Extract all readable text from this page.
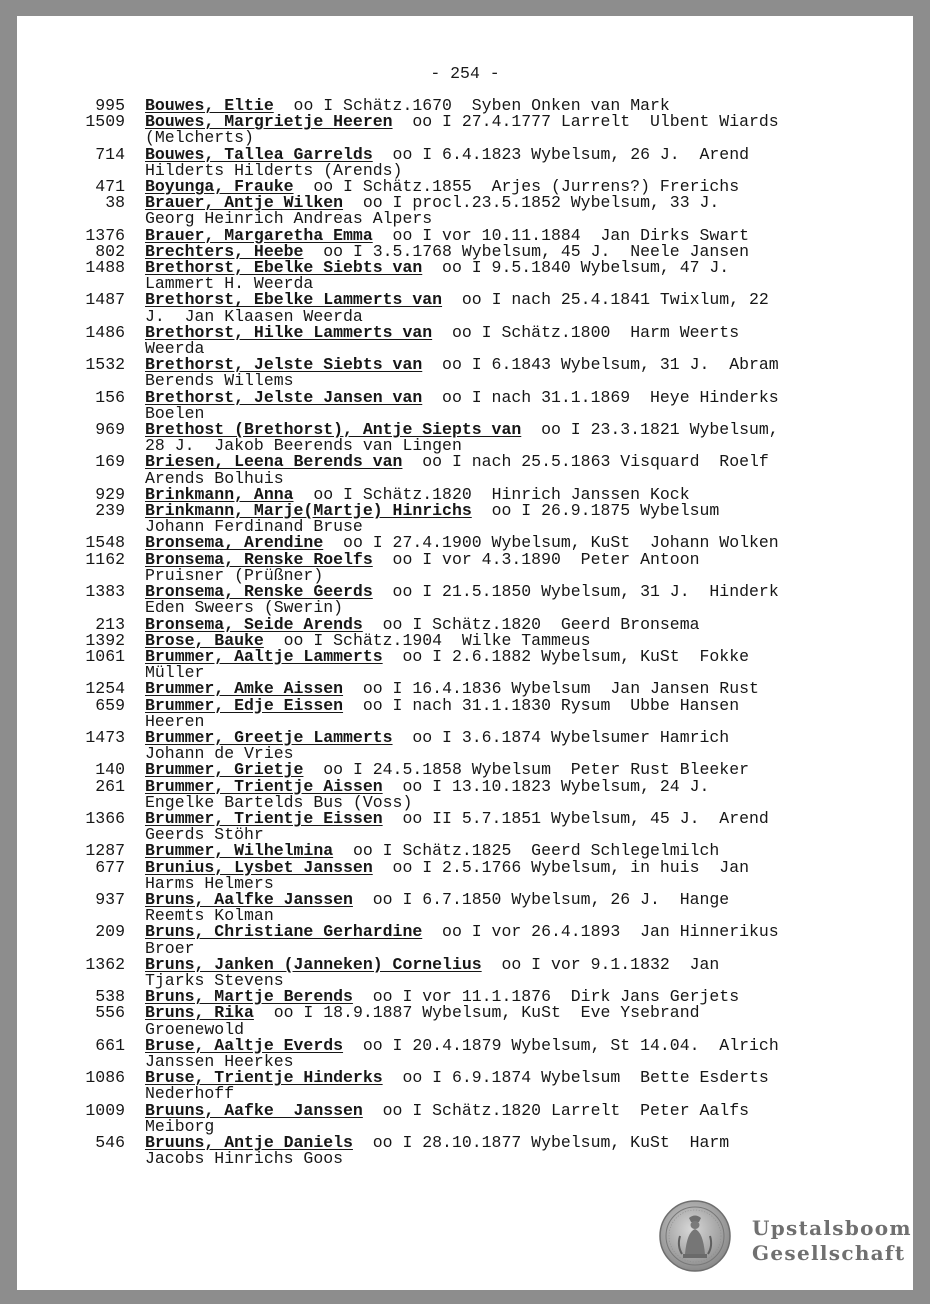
- 254 -
995 Bouwes, Eltie  oo I Schätz.1670  Syben Onken van Mark
1509 Bouwes, Margrietje Heeren  oo I 27.4.1777 Larrelt  Ulbent Wiards
(Melcherts)
714 Bouwes, Tallea Garrelds  oo I 6.4.1823 Wybelsum, 26 J.  Arend
Hilderts Hilderts (Arends)
471 Boyunga, Frauke  oo I Schätz.1855  Arjes (Jurrens?) Frerichs
38 Brauer, Antje Wilken  oo I procl.23.5.1852 Wybelsum, 33 J.
Georg Heinrich Andreas Alpers
1376 Brauer, Margaretha Emma  oo I vor 10.11.1884  Jan Dirks Swart
802 Brechters, Heebe  oo I 3.5.1768 Wybelsum, 45 J.  Neele Jansen
1488 Brethorst, Ebelke Siebts van  oo I 9.5.1840 Wybelsum, 47 J.
Lammert H. Weerda
1487 Brethorst, Ebelke Lammerts van  oo I nach 25.4.1841 Twixlum, 22
J.  Jan Klaasen Weerda
1486 Brethorst, Hilke Lammerts van  oo I Schätz.1800  Harm Weerts
Weerda
1532 Brethorst, Jelste Siebts van  oo I 6.1843 Wybelsum, 31 J.  Abram
Berends Willems
156 Brethorst, Jelste Jansen van  oo I nach 31.1.1869  Heye Hinderks
Boelen
969 Brethost (Brethorst), Antje Siepts van  oo I 23.3.1821 Wybelsum,
28 J.  Jakob Beerends van Lingen
169 Briesen, Leena Berends van  oo I nach 25.5.1863 Visquard  Roelf
Arends Bolhuis
929 Brinkmann, Anna  oo I Schätz.1820  Hinrich Janssen Kock
239 Brinkmann, Marje(Martje) Hinrichs  oo I 26.9.1875 Wybelsum
Johann Ferdinand Bruse
1548 Bronsema, Arendine  oo I 27.4.1900 Wybelsum, KuSt  Johann Wolken
1162 Bronsema, Renske Roelfs  oo I vor 4.3.1890  Peter Antoon
Pruisner (Prüßner)
1383 Bronsema, Renske Geerds  oo I 21.5.1850 Wybelsum, 31 J.  Hinderk
Eden Sweers (Swerin)
213 Bronsema, Seide Arends  oo I Schätz.1820  Geerd Bronsema
1392 Brose, Bauke  oo I Schätz.1904  Wilke Tammeus
1061 Brummer, Aaltje Lammerts  oo I 2.6.1882 Wybelsum, KuSt  Fokke
Müller
1254 Brummer, Amke Aissen  oo I 16.4.1836 Wybelsum  Jan Jansen Rust
659 Brummer, Edje Eissen  oo I nach 31.1.1830 Rysum  Ubbe Hansen
Heeren
1473 Brummer, Greetje Lammerts  oo I 3.6.1874 Wybelsumer Hamrich
Johann de Vries
140 Brummer, Grietje  oo I 24.5.1858 Wybelsum  Peter Rust Bleeker
261 Brummer, Trientje Aissen  oo I 13.10.1823 Wybelsum, 24 J.
Engelke Bartelds Bus (Voss)
1366 Brummer, Trientje Eissen  oo II 5.7.1851 Wybelsum, 45 J.  Arend
Geerds Stöhr
1287 Brummer, Wilhelmina  oo I Schätz.1825  Geerd Schlegelmilch
677 Brunius, Lysbet Janssen  oo I 2.5.1766 Wybelsum, in huis  Jan
Harms Helmers
937 Bruns, Aalfke Janssen  oo I 6.7.1850 Wybelsum, 26 J.  Hange
Reemts Kolman
209 Bruns, Christiane Gerhardine  oo I vor 26.4.1893  Jan Hinnerikus
Broer
1362 Bruns, Janken (Janneken) Cornelius  oo I vor 9.1.1832  Jan
Tjarks Stevens
538 Bruns, Martje Berends  oo I vor 11.1.1876  Dirk Jans Gerjets
556 Bruns, Rika  oo I 18.9.1887 Wybelsum, KuSt  Eve Ysebrand
Groenewold
661 Bruse, Aaltje Everds  oo I 20.4.1879 Wybelsum, St 14.04.  Alrich
Janssen Heerkes
1086 Bruse, Trientje Hinderks  oo I 6.9.1874 Wybelsum  Bette Esderts
Nederhoff
1009 Bruuns, Aafke  Janssen  oo I Schätz.1820 Larrelt  Peter Aalfs
Meiborg
546 Bruuns, Antje Daniels  oo I 28.10.1877 Wybelsum, KuSt  Harm
Jacobs Hinrichs Goos
Upstalsboom
Gesellschaft
